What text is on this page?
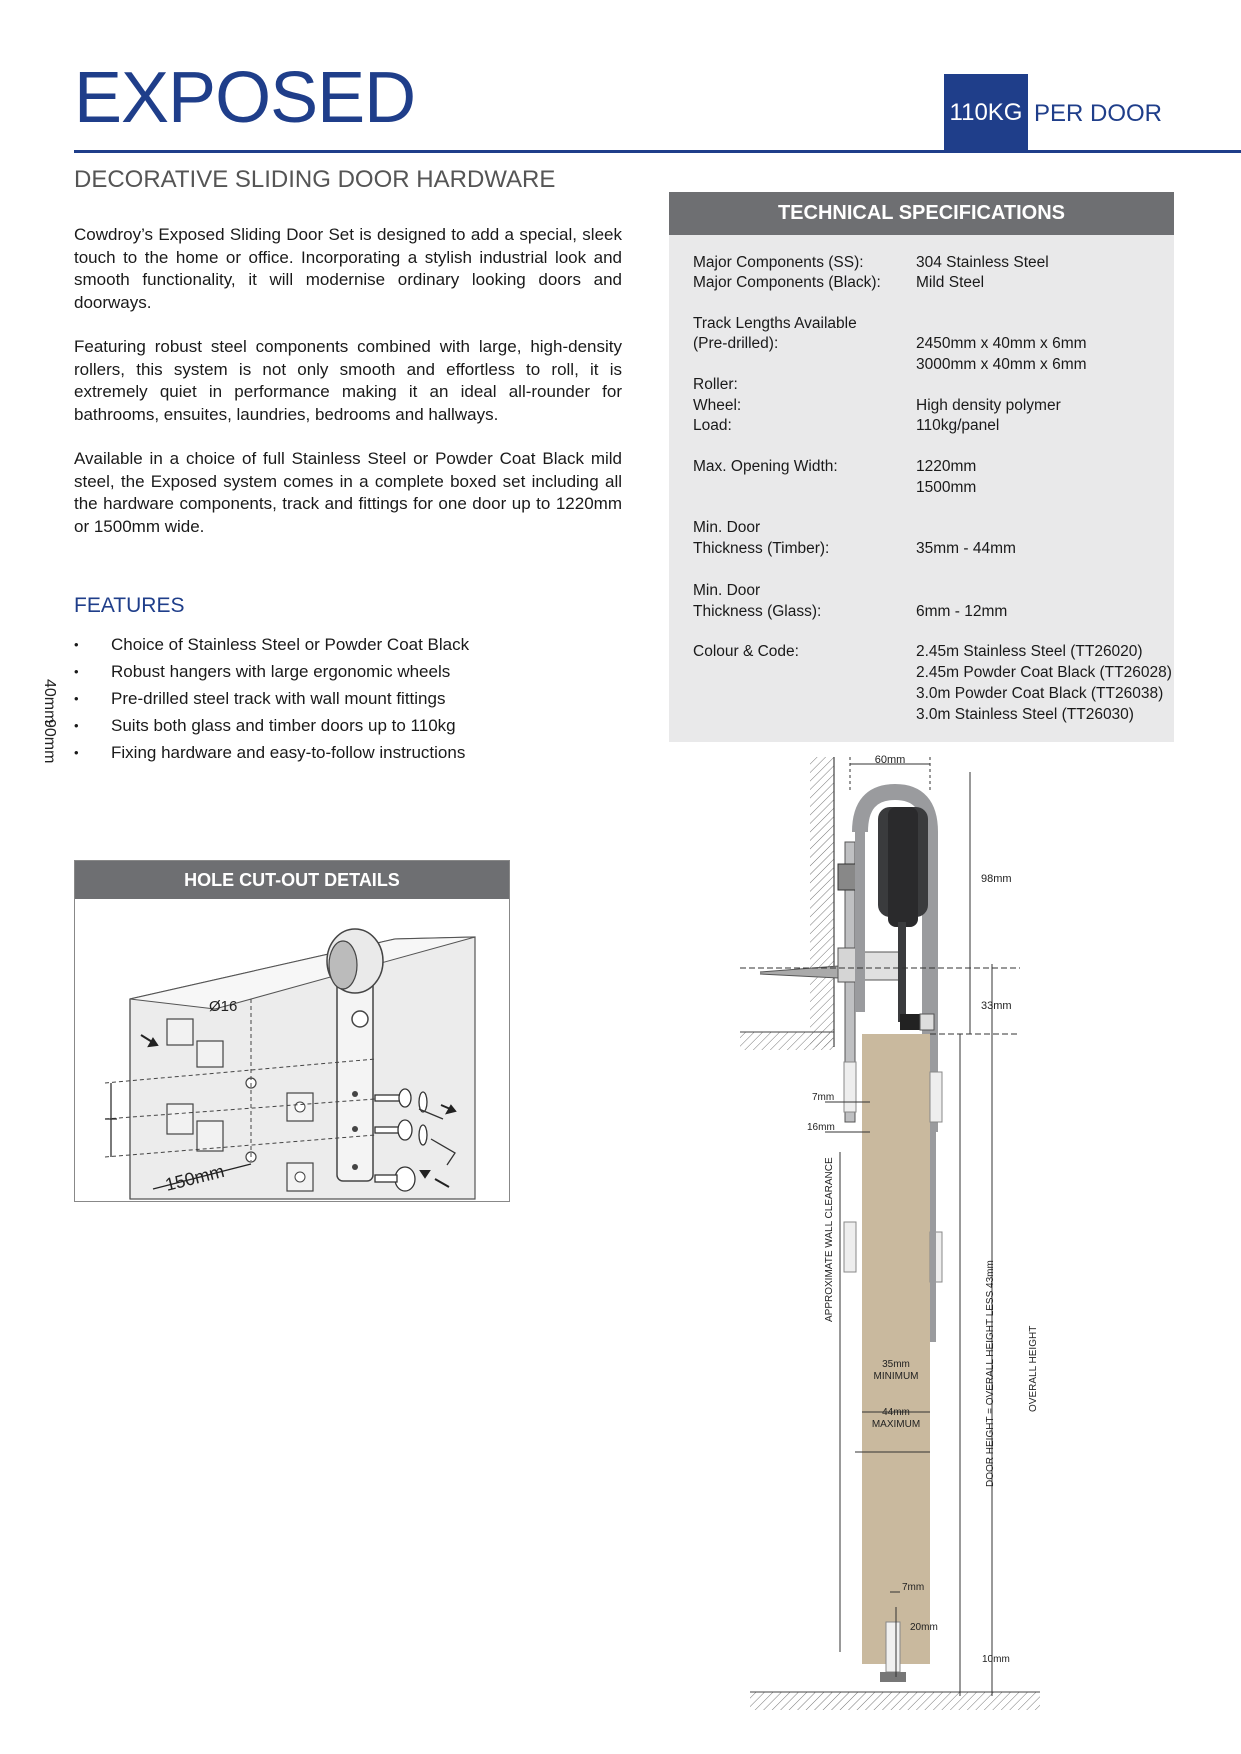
EXPOSED	110KG PER DOOR
DECORATIVE SLIDING DOOR HARDWARE
Cowdroy’s Exposed Sliding Door Set is designed to add a special, sleek touch to the home or office. Incorporating a stylish industrial look and smooth functionality, it will modernise ordinary looking doors and doorways.
Featuring robust steel components combined with large, high-density rollers, this system is not only smooth and effortless to roll, it is extremely quiet in performance making it an ideal all-rounder for bathrooms, ensuites, laundries, bedrooms and hallways.
Available in a choice of full Stainless Steel or Powder Coat Black mild steel, the Exposed system comes in a complete boxed set including all the hardware components, track and fittings for one door up to 1220mm or 1500mm wide.
FEATURES
• Choice of Stainless Steel or Powder Coat Black
• Robust hangers with large ergonomic wheels
• Pre-drilled steel track with wall mount fittings
• Suits both glass and timber doors up to 110kg
• Fixing hardware and easy-to-follow instructions
TECHNICAL SPECIFICATIONS
Major Components (SS):	304 Stainless Steel
Major Components (Black): Mild Steel
Track Lengths Available
(Pre-drilled):	2450mm x 40mm x 6mm
3000mm x 40mm x 6mm
Roller:
Wheel:	High density polymer
Load:	110kg/panel
Max. Opening Width:	1220mm
1500mm
Min. Door
Thickness (Timber):	35mm - 44mm
Min. Door
Thickness (Glass):	6mm - 12mm
Colour & Code:	2.45m Stainless Steel (TT26020)
2.45m Powder Coat Black (TT26028)
3.0m Powder Coat Black (TT26038)
3.0m Stainless Steel (TT26030)
HOLE CUT-OUT DETAILS
Ø16
40mm
90mm
150mm
60mm
98mm
33mm
7mm
16mm
35mm
MINIMUM
44mm
MAXIMUM
7mm
20mm
10mm
APPROXIMATE WALL CLEARANCE
DOOR HEIGHT = OVERALL HEIGHT LESS 43mm	OVERALL HEIGHT
